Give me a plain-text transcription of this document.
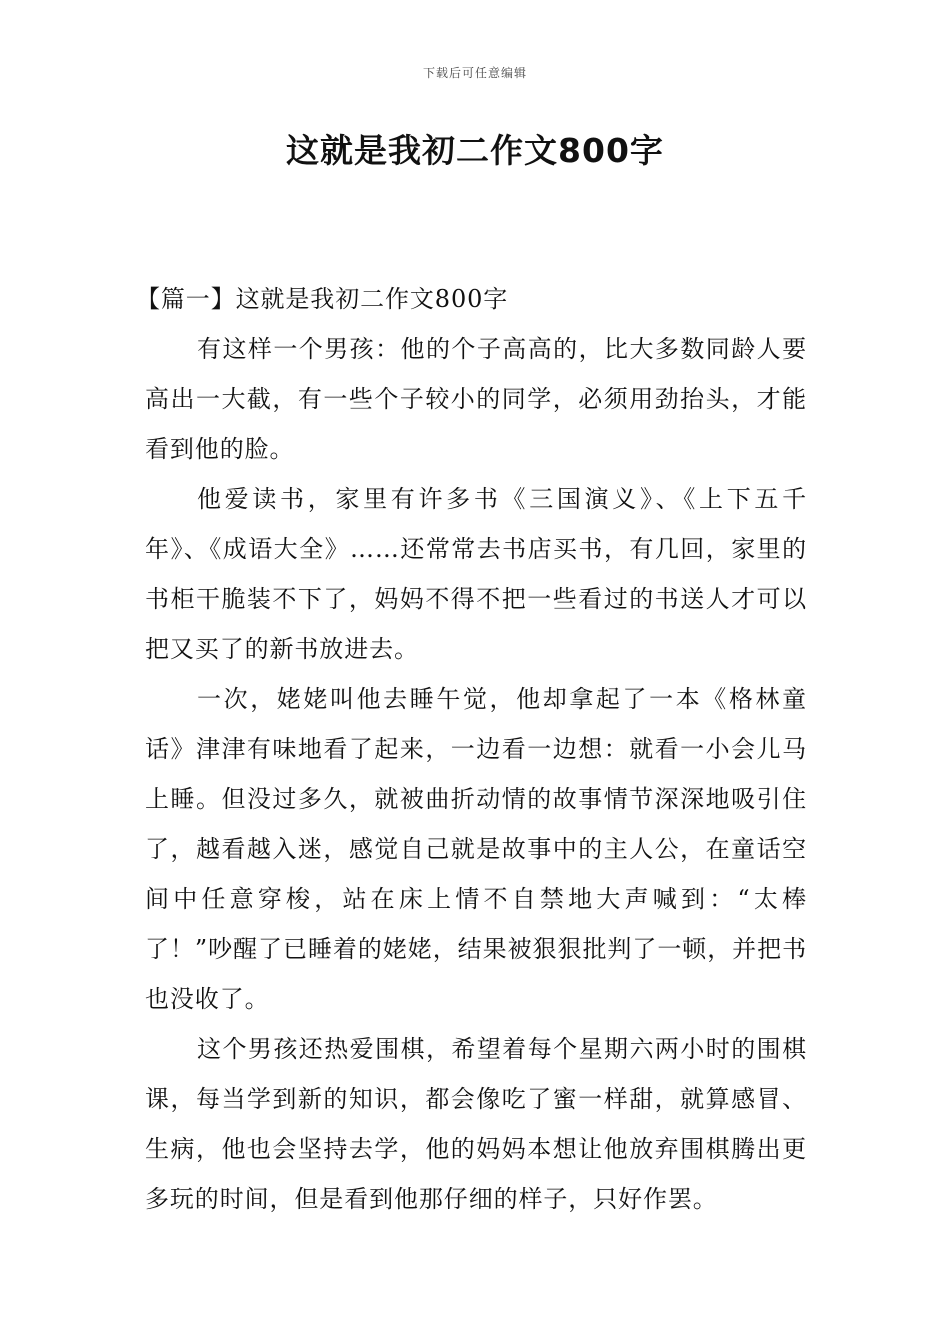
下载后可任意编辑
这就是我初二作文800字

【篇一】这就是我初二作文800字

有这样一个男孩：他的个子高高的，比大多数同龄人要高出一大截，有一些个子较小的同学，必须用劲抬头，才能看到他的脸。

他爱读书，家里有许多书《三国演义》、《上下五千年》、《成语大全》……还常常去书店买书，有几回，家里的书柜干脆装不下了，妈妈不得不把一些看过的书送人才可以把又买了的新书放进去。

一次，姥姥叫他去睡午觉，他却拿起了一本《格林童话》津津有味地看了起来，一边看一边想：就看一小会儿马上睡。但没过多久，就被曲折动情的故事情节深深地吸引住了，越看越入迷，感觉自己就是故事中的主人公，在童话空间中任意穿梭，站在床上情不自禁地大声喊到：“太棒了！”吵醒了已睡着的姥姥，结果被狠狠批判了一顿，并把书也没收了。

这个男孩还热爱围棋，希望着每个星期六两小时的围棋课，每当学到新的知识，都会像吃了蜜一样甜，就算感冒、生病，他也会坚持去学，他的妈妈本想让他放弃围棋腾出更多玩的时间，但是看到他那仔细的样子，只好作罢。
